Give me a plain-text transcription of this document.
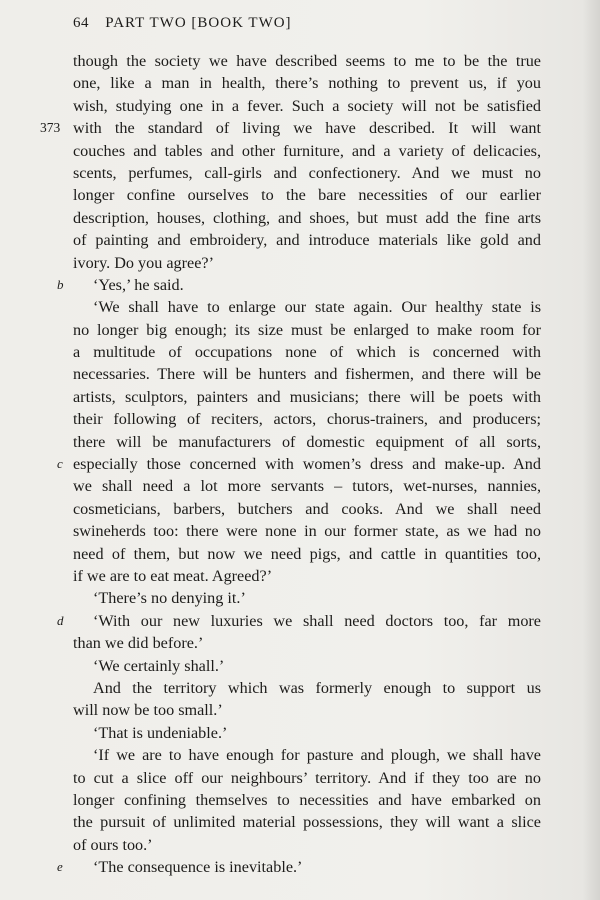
64 PART TWO [BOOK TWO]
though the society we have described seems to me to be the true
one, like a man in health, there’s nothing to prevent us, if you
wish, studying one in a fever. Such a society will not be satisfied
373 with the standard of living we have described. It will want
couches and tables and other furniture, and a variety of delicacies,
scents, perfumes, call-girls and confectionery. And we must no
longer confine ourselves to the bare necessities of our earlier
description, houses, clothing, and shoes, but must add the fine arts
of painting and embroidery, and introduce materials like gold and
ivory. Do you agree?’
b	‘Yes,’ he said.
‘We shall have to enlarge our state again. Our healthy state is
no longer big enough; its size must be enlarged to make room for
a multitude of occupations none of which is concerned with
necessaries. There will be hunters and fishermen, and there will be
artists, sculptors, painters and musicians; there will be poets with
their following of reciters, actors, chorus-trainers, and producers;
there will be manufacturers of domestic equipment of all sorts,
c especially those concerned with women’s dress and make-up. And
we shall need a lot more servants – tutors, wet-nurses, nannies,
cosmeticians, barbers, butchers and cooks. And we shall need
swineherds too: there were none in our former state, as we had no
need of them, but now we need pigs, and cattle in quantities too,
if we are to eat meat. Agreed?’
‘There’s no denying it.’
d	‘With our new luxuries we shall need doctors too, far more
than we did before.’
‘We certainly shall.’
And the territory which was formerly enough to support us
will now be too small.’
‘That is undeniable.’
‘If we are to have enough for pasture and plough, we shall have
to cut a slice off our neighbours’ territory. And if they too are no
longer confining themselves to necessities and have embarked on
the pursuit of unlimited material possessions, they will want a slice
of ours too.’
e	‘The consequence is inevitable.’
